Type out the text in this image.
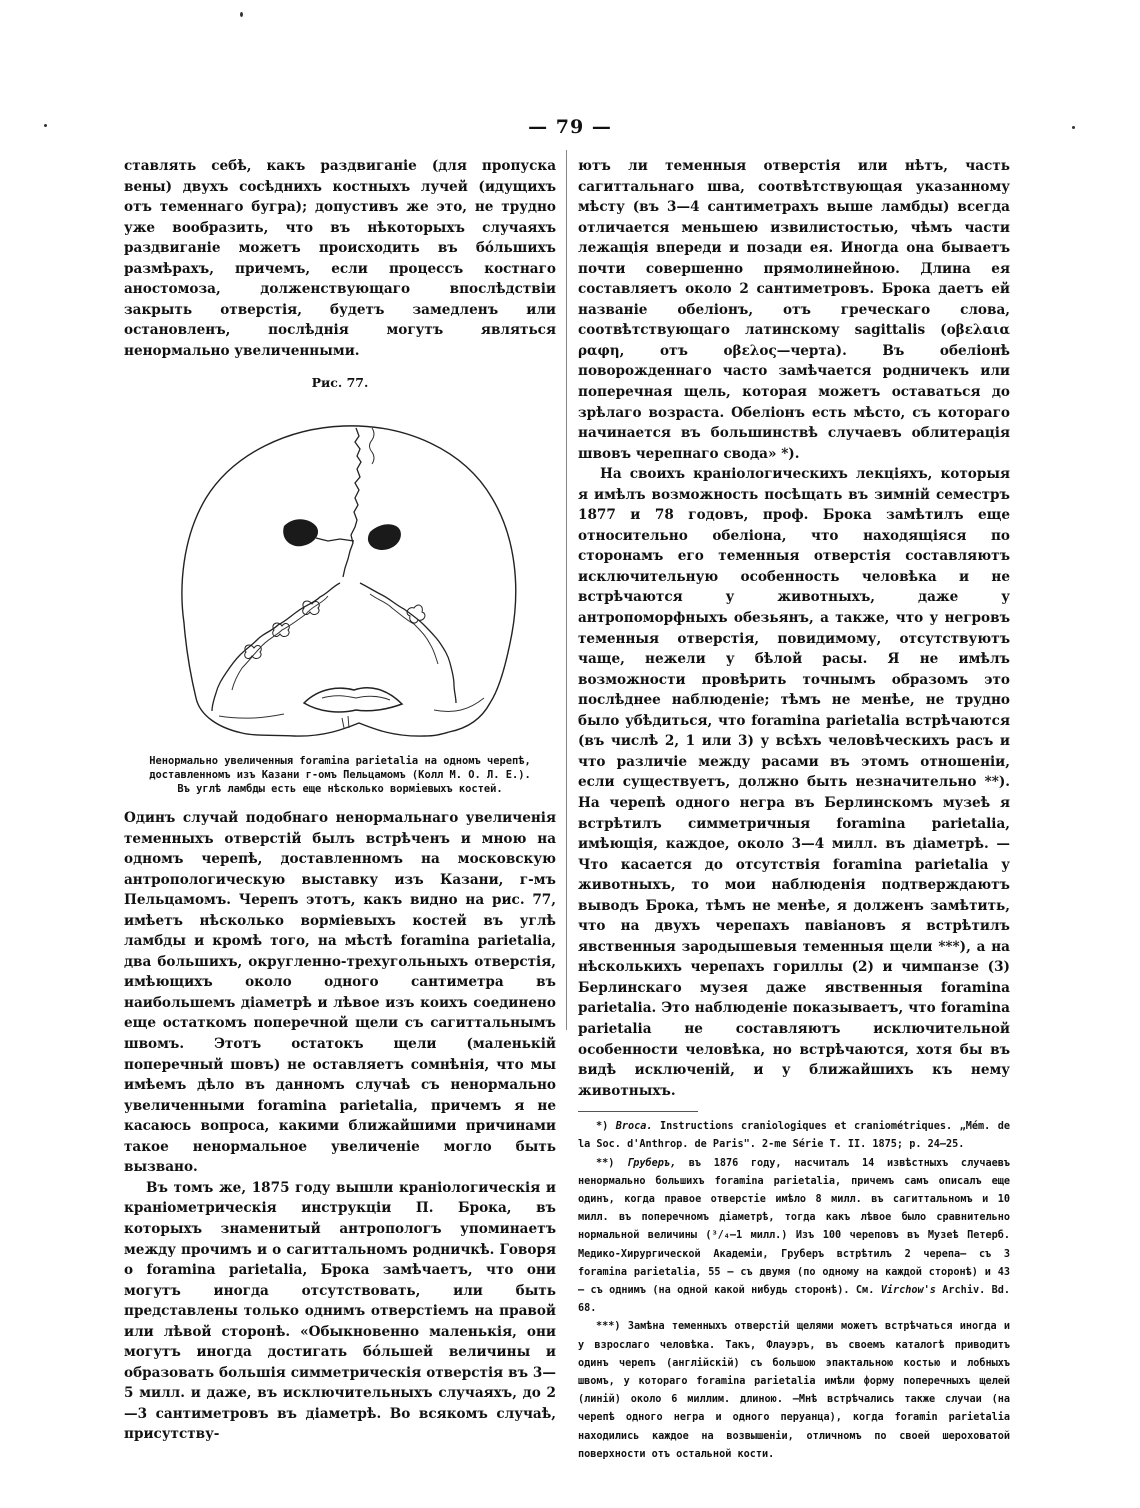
— 79 —

ставлять себѣ, какъ раздвиганіе (для пропуска вены) двухъ сосѣднихъ костныхъ лучей (идущихъ отъ теменнаго бугра); допустивъ же это, не трудно уже вообразить, что въ нѣкоторыхъ случаяхъ раздвиганіе можетъ происходить въ бóльшихъ размѣрахъ, причемъ, если процессъ костнаго аностомоза, долженствующаго впослѣдствіи закрыть отверстія, будетъ замедленъ или остановленъ, послѣднія могутъ являться ненормально увеличенными.

Рис. 77.
Ненормально увеличенныя foramina parietalia на одномъ черепѣ,
доставленномъ изъ Казани г-омъ Пельцамомъ (Колл М. О. Л. Е.).
Въ углѣ ламбды есть еще нѣсколько ворміевыхъ костей.

Одинъ случай подобнаго ненормальнаго увеличенія теменныхъ отверстій былъ встрѣченъ и мною на одномъ черепѣ, доставленномъ на московскую антропологическую выставку изъ Казани, г-мъ Пельцамомъ. Черепъ этотъ, какъ видно на рис. 77, имѣетъ нѣсколько ворміевыхъ костей въ углѣ ламбды и кромѣ того, на мѣстѣ foramina parietalia, два большихъ, округленно-трехугольныхъ отверстія, имѣющихъ около одного сантиметра въ наибольшемъ діаметрѣ и лѣвое изъ коихъ соединено еще остаткомъ поперечной щели съ сагиттальнымъ швомъ. Этотъ остатокъ щели (маленькій поперечный шовъ) не оставляетъ сомнѣнія, что мы имѣемъ дѣло въ данномъ случаѣ съ ненормально увеличенными foramina parietalia, причемъ я не касаюсь вопроса, какими ближайшими причинами такое ненормальное увеличеніе могло быть вызвано.

Въ томъ же, 1875 году вышли краніологическія и краніометрическія инструкціи П. Брока, въ которыхъ знаменитый антропологъ упоминаетъ между прочимъ и о сагиттальномъ родничкѣ. Говоря о foramina parietalia, Брока замѣчаетъ, что они могутъ иногда отсутствовать, или быть представлены только однимъ отверстіемъ на правой или лѣвой сторонѣ. «Обыкновенно маленькія, они могутъ иногда достигать бóльшей величины и образовать большія симметрическія отверстія въ 3—5 милл. и даже, въ исключительныхъ случаяхъ, до 2—3 сантиметровъ въ діаметрѣ. Во всякомъ случаѣ, присутству-

ютъ ли теменныя отверстія или нѣтъ, часть сагиттальнаго шва, соотвѣтствующая указанному мѣсту (въ 3—4 сантиметрахъ выше ламбды) всегда отличается меньшею извилистостью, чѣмъ части лежащія впереди и позади ея. Иногда она бываетъ почти совершенно прямолинейною. Длина ея составляетъ около 2 сантиметровъ. Брока даетъ ей названіе обеліонъ, отъ греческаго слова, соотвѣтствующаго латинскому sagittalis (οβελαια ραφη, отъ οβελος—черта). Въ обеліонѣ поворожденнаго часто замѣчается родничекъ или поперечная щель, которая можетъ оставаться до зрѣлаго возраста. Обеліонъ есть мѣсто, съ котораго начинается въ большинствѣ случаевъ облитерація швовъ черепнаго свода» *).

На своихъ краніологическихъ лекціяхъ, которыя я имѣлъ возможность посѣщать въ зимній семестръ 1877 и 78 годовъ, проф. Брока замѣтилъ еще относительно обеліона, что находящіяся по сторонамъ его теменныя отверстія составляютъ исключительную особенность человѣка и не встрѣчаются у животныхъ, даже у антропоморфныхъ обезьянъ, а также, что у негровъ теменныя отверстія, повидимому, отсутствуютъ чаще, нежели у бѣлой расы. Я не имѣлъ возможности провѣрить точнымъ образомъ это послѣднее наблюденіе; тѣмъ не менѣе, не трудно было убѣдиться, что foramina parietalia встрѣчаются (въ числѣ 2, 1 или 3) у всѣхъ человѣческихъ расъ и что различіе между расами въ этомъ отношеніи, если существуетъ, должно быть незначительно **). На черепѣ одного негра въ Берлинскомъ музеѣ я встрѣтилъ симметричныя foramina parietalia, имѣющія, каждое, около 3—4 милл. въ діаметрѣ. — Что касается до отсутствія foramina parietalia у животныхъ, то мои наблюденія подтверждаютъ выводъ Брока, тѣмъ не менѣе, я долженъ замѣтить, что на двухъ черепахъ павіановъ я встрѣтилъ явственныя зародышевыя теменныя щели ***), а на нѣсколькихъ черепахъ гориллы (2) и чимпанзе (3) Берлинскаго музея даже явственныя foramina parietalia. Это наблюденіе показываетъ, что foramina parietalia не составляютъ исключительной особенности человѣка, но встрѣчаются, хотя бы въ видѣ исключеній, и у ближайшихъ къ нему животныхъ.

*) Broca. Instructions craniologiques et craniométriques. „Mém. de la Soc. d'Anthrop. de Paris". 2-me Série T. II. 1875; p. 24—25.

**) Груберъ, въ 1876 году, насчиталъ 14 извѣстныхъ случаевъ ненормально большихъ foramina parietalia, причемъ самъ описалъ еще одинъ, когда правое отверстіе имѣло 8 милл. въ сагиттальномъ и 10 милл. въ поперечномъ діаметрѣ, тогда какъ лѣвое было сравнительно нормальной величины (³/₄—1 милл.) Изъ 100 череповъ въ Музеѣ Петерб. Медико-Хирургической Академіи, Груберъ встрѣтилъ 2 черепа— съ 3 foramina parietalia, 55 — съ двумя (по одному на каждой сторонѣ) и 43 — съ однимъ (на одной какой нибудь сторонѣ). См. Virchow's Archiv. Bd. 68.

***) Замѣна теменныхъ отверстій щелями можетъ встрѣчаться иногда и у взрослаго человѣка. Такъ, Флауэръ, въ своемъ каталогѣ приводитъ одинъ черепъ (англійскій) съ большою эпактальною костью и лобныхъ швомъ, у котораго foramina parietalia имѣли форму поперечныхъ щелей (линій) около 6 миллим. длиною. —Мнѣ встрѣчались также случаи (на черепѣ одного негра и одного перуанца), когда foramin parietalia находились каждое на возвышеніи, отличномъ по своей шероховатой поверхности отъ остальной кости.
